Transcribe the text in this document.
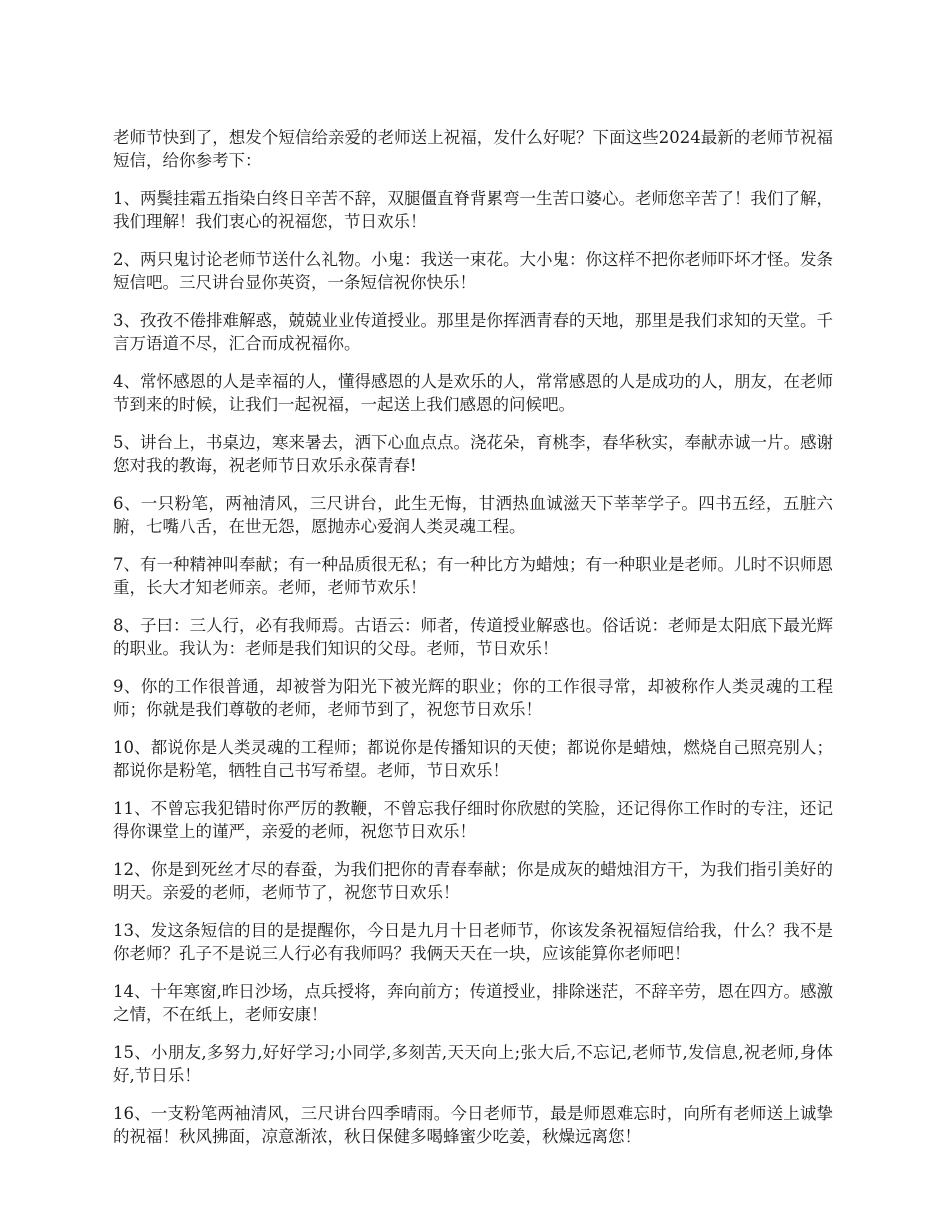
老师节快到了，想发个短信给亲爱的老师送上祝福，发什么好呢？下面这些2024最新的老师节祝福短信，给你参考下：

1、两鬓挂霜五指染白终日辛苦不辞，双腿僵直脊背累弯一生苦口婆心。老师您辛苦了！我们了解，我们理解！我们衷心的祝福您，节日欢乐！

2、两只鬼讨论老师节送什么礼物。小鬼：我送一束花。大小鬼：你这样不把你老师吓坏才怪。发条短信吧。三尺讲台显你英资，一条短信祝你快乐！

3、孜孜不倦排难解惑，兢兢业业传道授业。那里是你挥洒青春的天地，那里是我们求知的天堂。千言万语道不尽，汇合而成祝福你。

4、常怀感恩的人是幸福的人，懂得感恩的人是欢乐的人，常常感恩的人是成功的人，朋友，在老师节到来的时候，让我们一起祝福，一起送上我们感恩的问候吧。

5、讲台上，书桌边，寒来暑去，洒下心血点点。浇花朵，育桃李，春华秋实，奉献赤诚一片。感谢您对我的教诲，祝老师节日欢乐永葆青春!

6、一只粉笔，两袖清风，三尺讲台，此生无悔，甘洒热血诚滋天下莘莘学子。四书五经，五脏六腑，七嘴八舌，在世无怨，愿抛赤心爱润人类灵魂工程。

7、有一种精神叫奉献；有一种品质很无私；有一种比方为蜡烛；有一种职业是老师。儿时不识师恩重，长大才知老师亲。老师，老师节欢乐！

8、子曰：三人行，必有我师焉。古语云：师者，传道授业解惑也。俗话说：老师是太阳底下最光辉的职业。我认为：老师是我们知识的父母。老师，节日欢乐！

9、你的工作很普通，却被誉为阳光下被光辉的职业；你的工作很寻常，却被称作人类灵魂的工程师；你就是我们尊敬的老师，老师节到了，祝您节日欢乐！

10、都说你是人类灵魂的工程师；都说你是传播知识的天使；都说你是蜡烛，燃烧自己照亮别人；都说你是粉笔，牺牲自己书写希望。老师，节日欢乐！

11、不曾忘我犯错时你严厉的教鞭，不曾忘我仔细时你欣慰的笑脸，还记得你工作时的专注，还记得你课堂上的谨严，亲爱的老师，祝您节日欢乐！

12、你是到死丝才尽的春蚕，为我们把你的青春奉献；你是成灰的蜡烛泪方干，为我们指引美好的明天。亲爱的老师，老师节了，祝您节日欢乐！

13、发这条短信的目的是提醒你，今日是九月十日老师节，你该发条祝福短信给我，什么？我不是你老师？孔子不是说三人行必有我师吗？我俩天天在一块，应该能算你老师吧！

14、十年寒窗,昨日沙场，点兵授将，奔向前方；传道授业，排除迷茫，不辞辛劳，恩在四方。感激之情，不在纸上，老师安康！

15、小朋友,多努力,好好学习;小同学,多刻苦,天天向上;张大后,不忘记,老师节,发信息,祝老师,身体好,节日乐！

16、一支粉笔两袖清风，三尺讲台四季晴雨。今日老师节，最是师恩难忘时，向所有老师送上诚挚的祝福！秋风拂面，凉意渐浓，秋日保健多喝蜂蜜少吃姜，秋燥远离您！
